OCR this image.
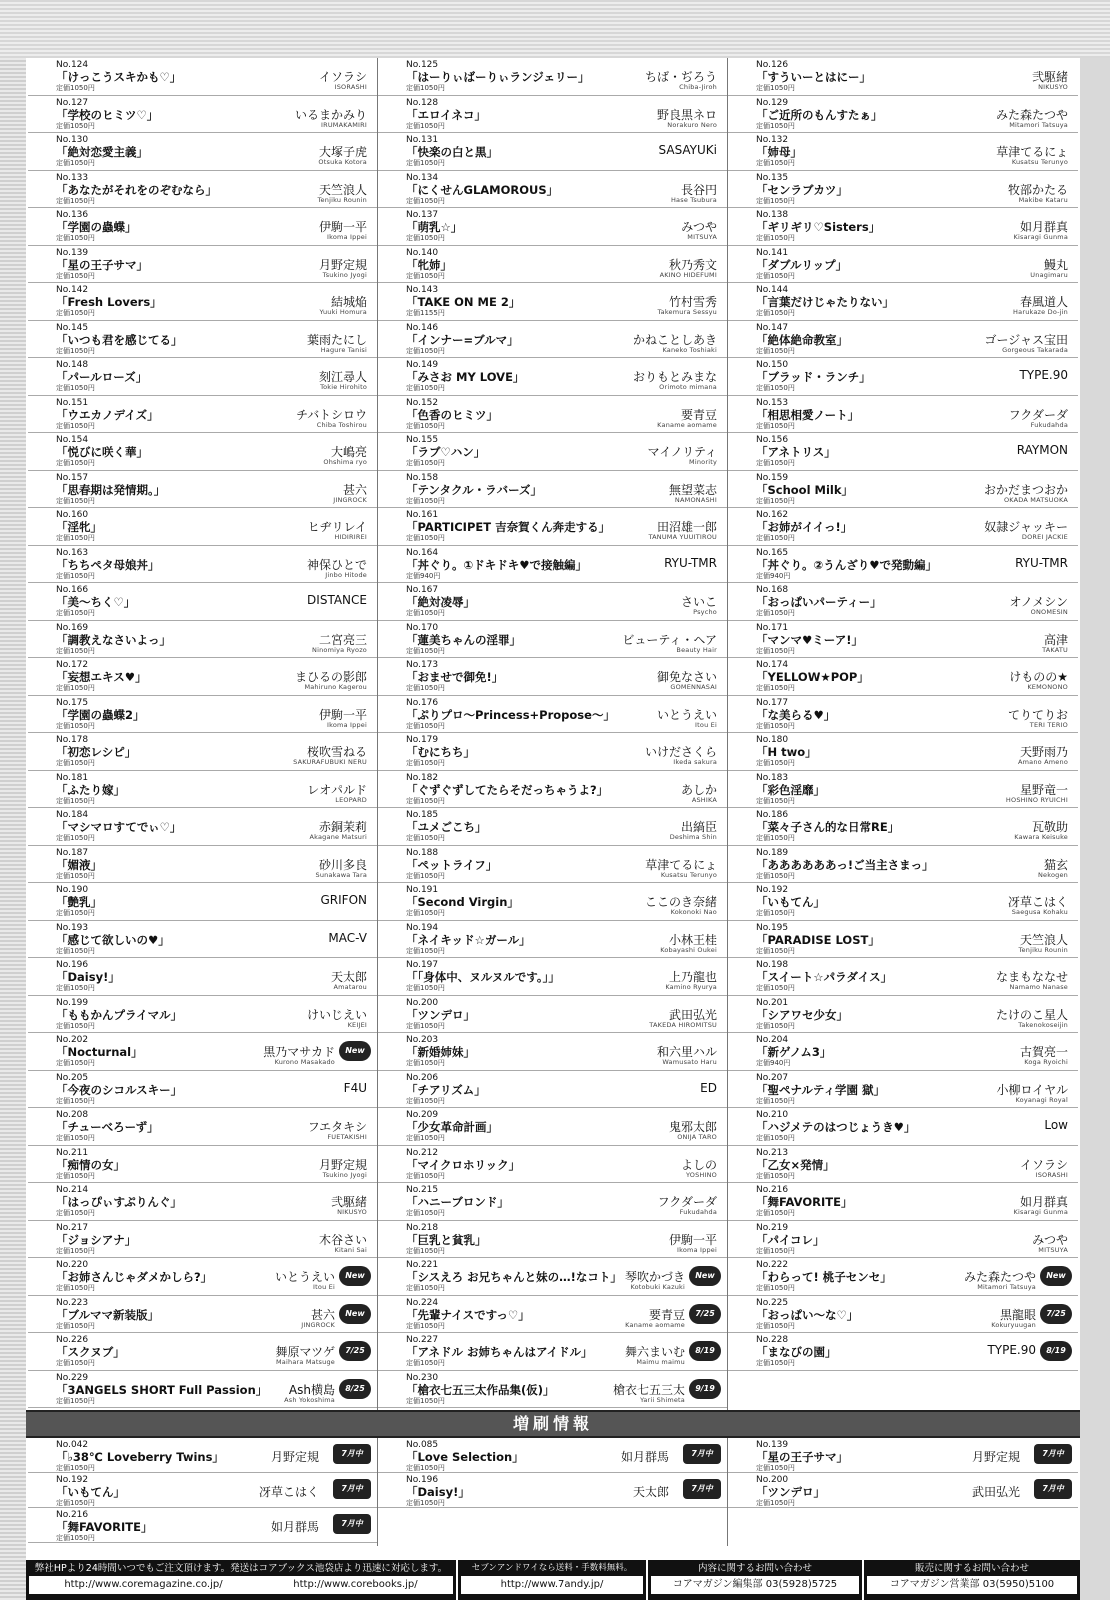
No.124
「けっこうスキかも♡」
定価1050円
イソラシ
ISORASHI
No.127
「学校のヒミツ♡」
定価1050円
いるまかみり
IRUMAKAMIRI
No.130
「絶対恋愛主義」
定価1050円
大塚子虎
Otsuka Kotora
No.133
「あなたがそれをのぞむなら」
定価1050円
天竺浪人
Tenjiku Rounin
No.136
「学園の蟲蝶」
定価1050円
伊駒一平
Ikoma Ippei
No.139
「星の王子サマ」
定価1050円
月野定規
Tsukino Jyogi
No.142
「Fresh Lovers」
定価1050円
結城焔
Yuuki Homura
No.145
「いつも君を感じてる」
定価1050円
葉雨たにし
Hagure Tanisi
No.148
「パールローズ」
定価1050円
刻江尋人
Tokie Hirohito
No.151
「ウエカノデイズ」
定価1050円
チバトシロウ
Chiba Toshirou
No.154
「悦びに咲く華」
定価1050円
大嶋亮
Ohshima ryo
No.157
「思春期は発情期。」
定価1050円
甚六
JINGROCK
No.160
「淫牝」
定価1050円
ヒヂリレイ
HIDIRIREI
No.163
「ちちペタ母娘丼」
定価1050円
神保ひとで
Jinbo Hitode
No.166
「美～ちく♡」
定価1050円
DISTANCE
No.169
「調教えなさいよっ」
定価1050円
二宮亮三
Ninomiya Ryozo
No.172
「妄想エキス♥」
定価1050円
まひるの影郎
Mahiruno Kagerou
No.175
「学園の蟲蝶2」
定価1050円
伊駒一平
Ikoma Ippei
No.178
「初恋レシピ」
定価1050円
桜吹雪ねる
SAKURAFUBUKI NERU
No.181
「ふたり嫁」
定価1050円
レオパルド
LEOPARD
No.184
「マシマロすてでぃ♡」
定価1050円
赤銅茉莉
Akagane Matsuri
No.187
「媚液」
定価1050円
砂川多良
Sunakawa Tara
No.190
「艶乳」
定価1050円
GRIFON
No.193
「感じて欲しいの♥」
定価1050円
MAC-V
No.196
「Daisy!」
定価1050円
天太郎
Amatarou
No.199
「ももかんプライマル」
定価1050円
けいじえい
KEIJEI
No.202
「Nocturnal」
定価1050円
黒乃マサカド
Kurono Masakado
New
No.205
「今夜のシコルスキー」
定価1050円
F4U
No.208
「チューべろーず」
定価1050円
フエタキシ
FUETAKISHI
No.211
「痴情の女」
定価1050円
月野定規
Tsukino Jyogi
No.214
「はっぴぃすぷりんぐ」
定価1050円
弐駆緒
NIKUSYO
No.217
「ジョシアナ」
定価1050円
木谷さい
Kitani Sai
No.220
「お姉さんじゃダメかしら?」
定価1050円
いとうえい
Itou Ei
New
No.223
「ブルママ新装版」
定価1050円
甚六
JINGROCK
New
No.226
「スクヌブ」
定価1050円
舞原マツゲ
Maihara Matsuge
7/25
No.229
「3ANGELS SHORT Full Passion」
定価1050円
Ash横島
Ash Yokoshima
8/25
No.125
「はーりぃばーりぃランジェリー」
定価1050円
ちば・ぢろう
Chiba-Jiroh
No.128
「エロイネコ」
定価1050円
野良黒ネロ
Norakuro Nero
No.131
「快楽の白と黒」
定価1050円
SASAYUKi
No.134
「にくせんGLAMOROUS」
定価1050円
長谷円
Hase Tsubura
No.137
「萌乳☆」
定価1050円
みつや
MITSUYA
No.140
「牝姉」
定価1050円
秋乃秀文
AKINO HIDEFUMI
No.143
「TAKE ON ME 2」
定価1155円
竹村雪秀
Takemura Sessyu
No.146
「インナー=ブルマ」
定価1050円
かねことしあき
Kaneko Toshiaki
No.149
「みさお MY LOVE」
定価1050円
おりもとみまな
Orimoto mimana
No.152
「色香のヒミツ」
定価1050円
要青豆
Kaname aomame
No.155
「ラブ♡ハン」
定価1050円
マイノリティ
Minority
No.158
「テンタクル・ラバーズ」
定価1050円
無望菜志
NAMONASHI
No.161
「PARTICIPET 吉奈賀くん奔走する」
定価1050円
田沼雄一郎
TANUMA YUUITIROU
No.164
「丼ぐり。①ドキドキ♥で接触編」
定価940円
RYU-TMR
No.167
「絶対凌辱」
定価1050円
さいこ
Psycho
No.170
「蓮美ちゃんの淫罪」
定価1050円
ビューティ・ヘア
Beauty Hair
No.173
「おませで御免!」
定価1050円
御免なさい
GOMENNASAI
No.176
「ぷりプロ～Princess+Propose～」
定価1050円
いとうえい
Itou Ei
No.179
「むにちち」
定価1050円
いけださくら
Ikeda sakura
No.182
「ぐずぐずしてたらそだっちゃうよ?」
定価1050円
あしか
ASHIKA
No.185
「ユメごこち」
定価1050円
出縞臣
Deshima Shin
No.188
「ペットライフ」
定価1050円
草津てるにょ
Kusatsu Terunyo
No.191
「Second Virgin」
定価1050円
ここのき奈緒
Kokonoki Nao
No.194
「ネイキッド☆ガール」
定価1050円
小林王桂
Kobayashi Oukei
No.197
「「身体中、ヌルヌルです。」」
定価1050円
上乃龍也
Kamino Ryurya
No.200
「ツンデロ」
定価1050円
武田弘光
TAKEDA HIROMITSU
No.203
「新婚姉妹」
定価1050円
和六里ハル
Wamusato Haru
No.206
「チアリズム」
定価1050円
ED
No.209
「少女革命計画」
定価1050円
鬼邪太郎
ONIJA TARO
No.212
「マイクロホリック」
定価1050円
よしの
YOSHINO
No.215
「ハニーブロンド」
定価1050円
フクダーダ
Fukudahda
No.218
「巨乳と貧乳」
定価1050円
伊駒一平
Ikoma Ippei
No.221
「シスえろ お兄ちゃんと妹の…!なコト」
定価1050円
琴吹かづき
Kotobuki Kazuki
New
No.224
「先輩ナイスですっ♡」
定価1050円
要青豆
Kaname aomame
7/25
No.227
「アネドル お姉ちゃんはアイドル」
定価1050円
舞六まいむ
Maimu maimu
8/19
No.230
「槍衣七五三太作品集(仮)」
定価1050円
槍衣七五三太
Yarii Shimeta
9/19
No.126
「すういーとはにー」
定価1050円
弐駆緒
NIKUSYO
No.129
「ご近所のもんすたぁ」
定価1050円
みた森たつや
Mitamori Tatsuya
No.132
「姉母」
定価1050円
草津てるにょ
Kusatsu Terunyo
No.135
「センラブカツ」
定価1050円
牧部かたる
Makibe Kataru
No.138
「ギリギリ♡Sisters」
定価1050円
如月群真
Kisaragi Gunma
No.141
「ダブルリップ」
定価1050円
鰻丸
Unagimaru
No.144
「言葉だけじゃたりない」
定価1050円
春風道人
Harukaze Do-jin
No.147
「絶体絶命教室」
定価1050円
ゴージャス宝田
Gorgeous Takarada
No.150
「ブラッド・ランチ」
定価1050円
TYPE.90
No.153
「相思相愛ノート」
定価1050円
フクダーダ
Fukudahda
No.156
「アネトリス」
定価1050円
RAYMON
No.159
「School Milk」
定価1050円
おかだまつおか
OKADA MATSUOKA
No.162
「お姉がイイっ!」
定価1050円
奴隷ジャッキー
DOREI JACKIE
No.165
「丼ぐり。②うんざり♥で発動編」
定価940円
RYU-TMR
No.168
「おっぱいパーティー」
定価1050円
オノメシン
ONOMESIN
No.171
「マンマ♥ミーア!」
定価1050円
高津
TAKATU
No.174
「YELLOW★POP」
定価1050円
けものの★
KEMONONO
No.177
「な美らる♥」
定価1050円
てりてりお
TERI TERIO
No.180
「H two」
定価1050円
天野雨乃
Amano Ameno
No.183
「彩色淫靡」
定価1050円
星野竜一
HOSHINO RYUICHI
No.186
「菜々子さん的な日常RE」
定価1050円
瓦敬助
Kawara Keisuke
No.189
「ああああああっ!ご当主さまっ」
定価1050円
猫玄
Nekogen
No.192
「いもてん」
定価1050円
冴草こはく
Saegusa Kohaku
No.195
「PARADISE LOST」
定価1050円
天竺浪人
Tenjiku Rounin
No.198
「スイート☆パラダイス」
定価1050円
なまもななせ
Namamo Nanase
No.201
「シアワセ少女」
定価1050円
たけのこ星人
Takenokoseijin
No.204
「新ゲノム3」
定価940円
古賀亮一
Koga Ryoichi
No.207
「聖ペナルティ学園 獄」
定価1050円
小柳ロイヤル
Koyanagi Royal
No.210
「ハジメテのはつじょうき♥」
定価1050円
Low
No.213
「乙女×発情」
定価1050円
イソラシ
ISORASHI
No.216
「舞FAVORITE」
定価1050円
如月群真
Kisaragi Gunma
No.219
「パイコレ」
定価1050円
みつや
MITSUYA
No.222
「わらって! 桃子センセ」
定価1050円
みた森たつや
Mitamori Tatsuya
New
No.225
「おっぱい～な♡」
定価1050円
黒龍眼
Kokuryuugan
7/25
No.228
「まなびの園」
定価1050円
TYPE.90	8/19
増刷情報
No.042
「♭38℃ Loveberry Twins」
定価1050円
月野定規	7月中
No.192
「いもてん」
定価1050円
冴草こはく	7月中
No.216
「舞FAVORITE」
定価1050円
如月群馬	7月中
No.085
「Love Selection」
定価1050円
如月群馬	7月中
No.196
「Daisy!」
定価1050円
天太郎	7月中
No.139
「星の王子サマ」
定価1050円
月野定規	7月中
No.200
「ツンデロ」
定価1050円
武田弘光	7月中
弊社HPより24時間いつでもご注文頂けます。発送はコアブックス池袋店より迅速に対応します。
http://www.coremagazine.co.jp/	http://www.corebooks.jp/
セブンアンドワイなら送料・手数料無料。
http://www.7andy.jp/
内容に関するお問い合わせ
コアマガジン編集部 03(5928)5725
販売に関するお問い合わせ
コアマガジン営業部 03(5950)5100
